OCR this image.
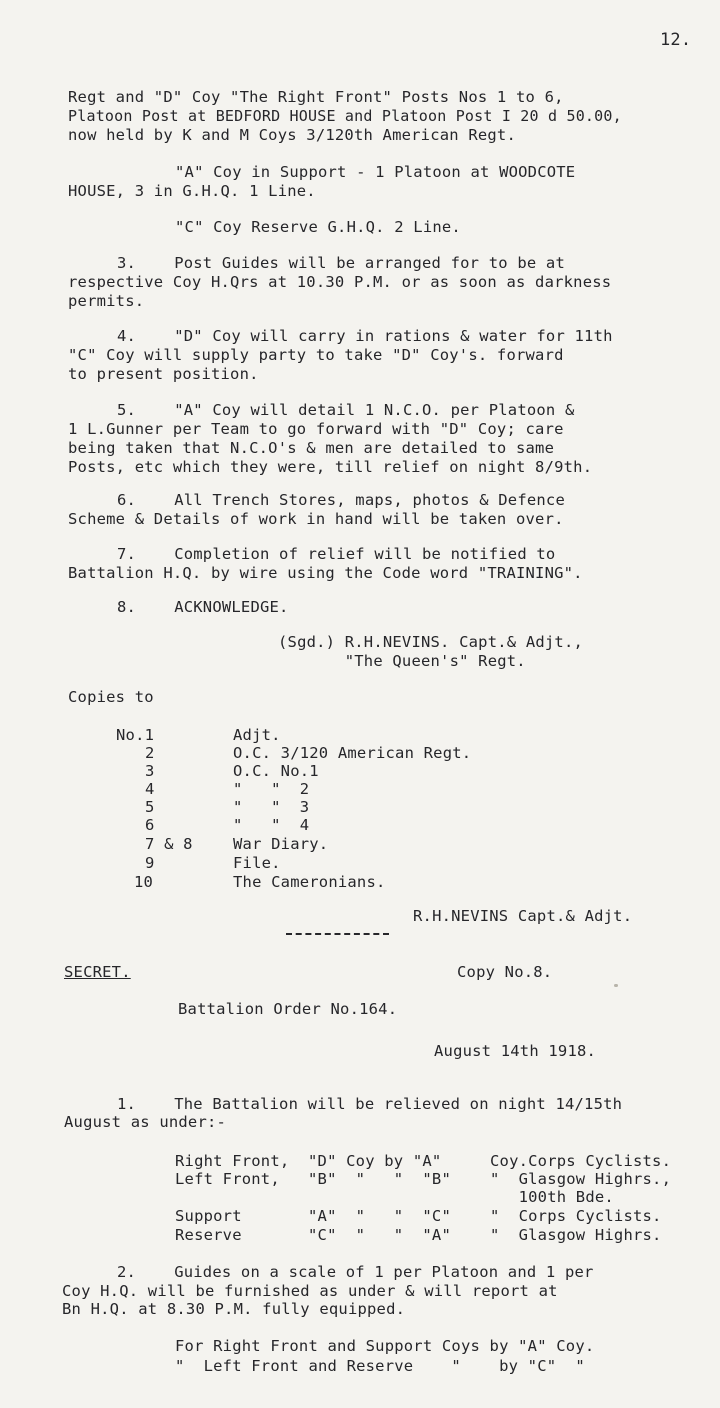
12.
Regt and "D" Coy "The Right Front" Posts Nos 1 to 6,
Platoon Post at BEDFORD HOUSE and Platoon Post I 20 d 50.00,
now held by K and M Coys 3/120th American Regt.
"A" Coy in Support - 1 Platoon at WOODCOTE
HOUSE, 3 in G.H.Q. 1 Line.
"C" Coy Reserve G.H.Q. 2 Line.
3.    Post Guides will be arranged for to be at
respective Coy H.Qrs at 10.30 P.M. or as soon as darkness
permits.
4.    "D" Coy will carry in rations & water for 11th
"C" Coy will supply party to take "D" Coy's. forward
to present position.
5.    "A" Coy will detail 1 N.C.O. per Platoon &
1 L.Gunner per Team to go forward with "D" Coy; care
being taken that N.C.O's & men are detailed to same
Posts, etc which they were, till relief on night 8/9th.
6.    All Trench Stores, maps, photos & Defence
Scheme & Details of work in hand will be taken over.
7.    Completion of relief will be notified to
Battalion H.Q. by wire using the Code word "TRAINING".
8.    ACKNOWLEDGE.
(Sgd.) R.H.NEVINS. Capt.& Adjt.,
"The Queen's" Regt.
Copies to
No.1	Adjt.
2	O.C. 3/120 American Regt.
3	O.C. No.1
4	"   "  2
5	"   "  3
6	"   "  4
7 & 8	War Diary.
9	File.
10	The Cameronians.
R.H.NEVINS Capt.& Adjt.
SECRET.	Copy No.8.
Battalion Order No.164.
August 14th 1918.
1.    The Battalion will be relieved on night 14/15th
August as under:-
Right Front, "D" Coy by "A"	Coy.Corps Cyclists.
Left Front, "B"  "   "  "B"	"  Glasgow Highrs.,
100th Bde.
Support	"A"  "   "  "C"	"  Corps Cyclists.
Reserve	"C"  "   "  "A"	"  Glasgow Highrs.
2.    Guides on a scale of 1 per Platoon and 1 per
Coy H.Q. will be furnished as under & will report at
Bn H.Q. at 8.30 P.M. fully equipped.
For Right Front and Support Coys by "A" Coy.
"  Left Front and Reserve    "    by "C"  "
